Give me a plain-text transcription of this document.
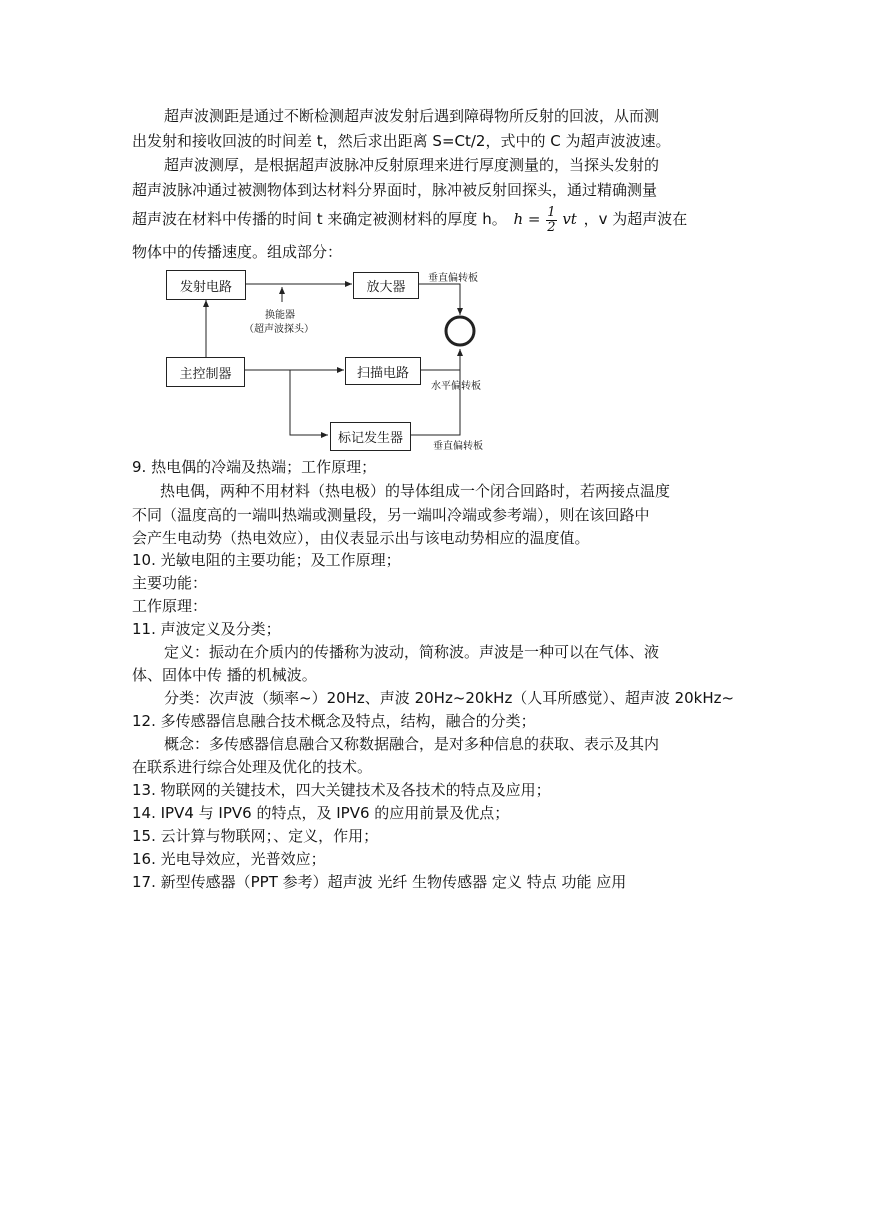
超声波测距是通过不断检测超声波发射后遇到障碍物所反射的回波，从而测
出发射和接收回波的时间差 t，然后求出距离 S=Ct/2，式中的 C 为超声波波速。
超声波测厚，是根据超声波脉冲反射原理来进行厚度测量的，当探头发射的
超声波脉冲通过被测物体到达材料分界面时，脉冲被反射回探头，通过精确测量
超声波在材料中传播的时间 t 来确定被测材料的厚度 h。 $h = \frac{1}{2}$ vt ，v 为超声波在
物体中的传播速度。组成部分：
发射电路	放大器
主控制器	扫描电路
标记发生器
换能器
（超声波探头）
垂直偏转板
水平偏转板
垂直偏转板
9. 热电偶的冷端及热端；工作原理；
热电偶，两种不用材料（热电极）的导体组成一个闭合回路时，若两接点温度
不同（温度高的一端叫热端或测量段，另一端叫冷端或参考端），则在该回路中
会产生电动势（热电效应），由仪表显示出与该电动势相应的温度值。
10. 光敏电阻的主要功能；及工作原理；
主要功能：
工作原理：
11. 声波定义及分类；
定义：振动在介质内的传播称为波动，简称波。声波是一种可以在气体、液
体、固体中传 播的机械波。
分类：次声波（频率~）20Hz、声波 20Hz~20kHz（人耳所感觉）、超声波 20kHz~
12. 多传感器信息融合技术概念及特点，结构，融合的分类；
概念：多传感器信息融合又称数据融合，是对多种信息的获取、表示及其内
在联系进行综合处理及优化的技术。
13. 物联网的关键技术，四大关键技术及各技术的特点及应用；
14. IPV4 与 IPV6 的特点，及 IPV6 的应用前景及优点；
15. 云计算与物联网；、定义，作用；
16. 光电导效应，光普效应；
17. 新型传感器（PPT 参考）超声波 光纤 生物传感器 定义 特点 功能 应用
